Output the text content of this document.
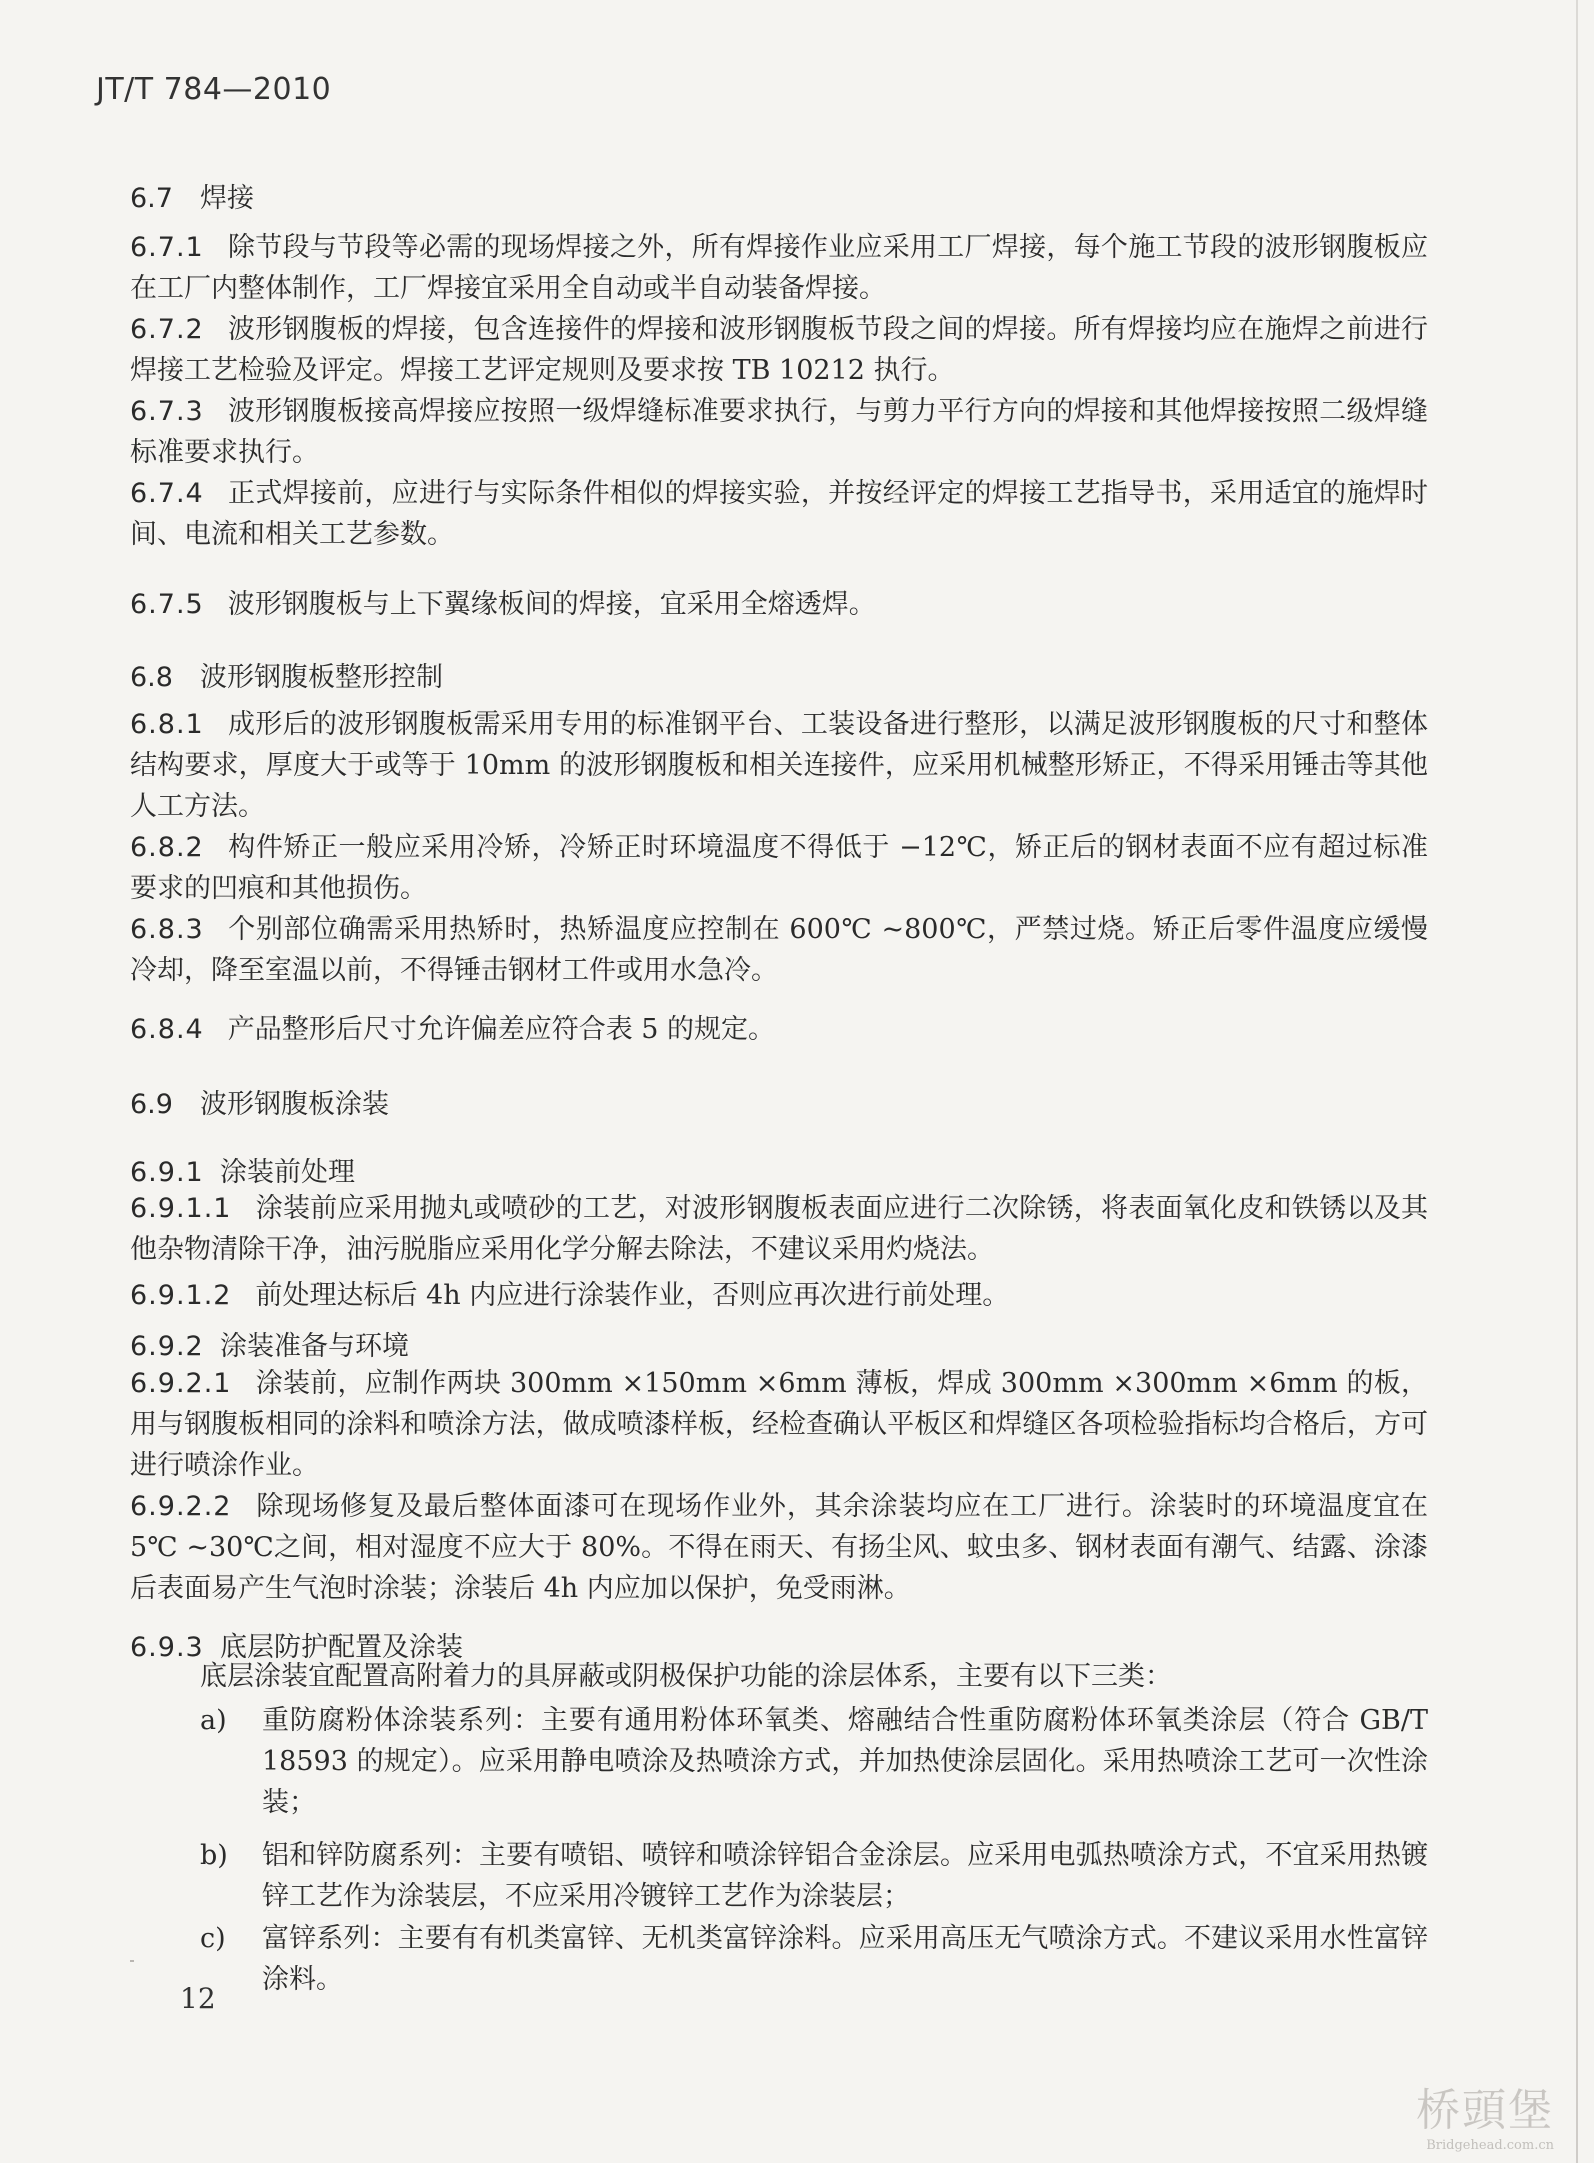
JT/T 784—2010
6.7 焊接

6.7.1 除节段与节段等必需的现场焊接之外，所有焊接作业应采用工厂焊接，每个施工节段的波形钢腹板应在工厂内整体制作，工厂焊接宜采用全自动或半自动装备焊接。

6.7.2 波形钢腹板的焊接，包含连接件的焊接和波形钢腹板节段之间的焊接。所有焊接均应在施焊之前进行焊接工艺检验及评定。焊接工艺评定规则及要求按 TB 10212 执行。

6.7.3 波形钢腹板接高焊接应按照一级焊缝标准要求执行，与剪力平行方向的焊接和其他焊接按照二级焊缝标准要求执行。

6.7.4 正式焊接前，应进行与实际条件相似的焊接实验，并按经评定的焊接工艺指导书，采用适宜的施焊时间、电流和相关工艺参数。

6.7.5 波形钢腹板与上下翼缘板间的焊接，宜采用全熔透焊。

6.8 波形钢腹板整形控制

6.8.1 成形后的波形钢腹板需采用专用的标准钢平台、工装设备进行整形，以满足波形钢腹板的尺寸和整体结构要求，厚度大于或等于 10mm 的波形钢腹板和相关连接件，应采用机械整形矫正，不得采用锤击等其他人工方法。

6.8.2 构件矫正一般应采用冷矫，冷矫正时环境温度不得低于 −12℃，矫正后的钢材表面不应有超过标准要求的凹痕和其他损伤。

6.8.3 个别部位确需采用热矫时，热矫温度应控制在 600℃ ~800℃，严禁过烧。矫正后零件温度应缓慢冷却，降至室温以前，不得锤击钢材工件或用水急冷。

6.8.4 产品整形后尺寸允许偏差应符合表 5 的规定。

6.9 波形钢腹板涂装
6.9.1 涂装前处理

6.9.1.1 涂装前应采用抛丸或喷砂的工艺，对波形钢腹板表面应进行二次除锈，将表面氧化皮和铁锈以及其他杂物清除干净，油污脱脂应采用化学分解去除法，不建议采用灼烧法。

6.9.1.2 前处理达标后 4h 内应进行涂装作业，否则应再次进行前处理。

6.9.2 涂装准备与环境

6.9.2.1 涂装前，应制作两块 300mm ×150mm ×6mm 薄板，焊成 300mm ×300mm ×6mm 的板，用与钢腹板相同的涂料和喷涂方法，做成喷漆样板，经检查确认平板区和焊缝区各项检验指标均合格后，方可进行喷涂作业。

6.9.2.2 除现场修复及最后整体面漆可在现场作业外，其余涂装均应在工厂进行。涂装时的环境温度宜在 5℃ ~30℃之间，相对湿度不应大于 80%。不得在雨天、有扬尘风、蚊虫多、钢材表面有潮气、结露、涂漆后表面易产生气泡时涂装；涂装后 4h 内应加以保护，免受雨淋。

6.9.3 底层防护配置及涂装
底层涂装宜配置高附着力的具屏蔽或阴极保护功能的涂层体系，主要有以下三类：
a)	重防腐粉体涂装系列：主要有通用粉体环氧类、熔融结合性重防腐粉体环氧类涂层（符合 GB/T 18593 的规定）。应采用静电喷涂及热喷涂方式，并加热使涂层固化。采用热喷涂工艺可一次性涂装；
b)	铝和锌防腐系列：主要有喷铝、喷锌和喷涂锌铝合金涂层。应采用电弧热喷涂方式，不宜采用热镀锌工艺作为涂装层，不应采用冷镀锌工艺作为涂装层；
c)	富锌系列：主要有有机类富锌、无机类富锌涂料。应采用高压无气喷涂方式。不建议采用水性富锌涂料。
12
桥頭堡
Bridgehead.com.cn
